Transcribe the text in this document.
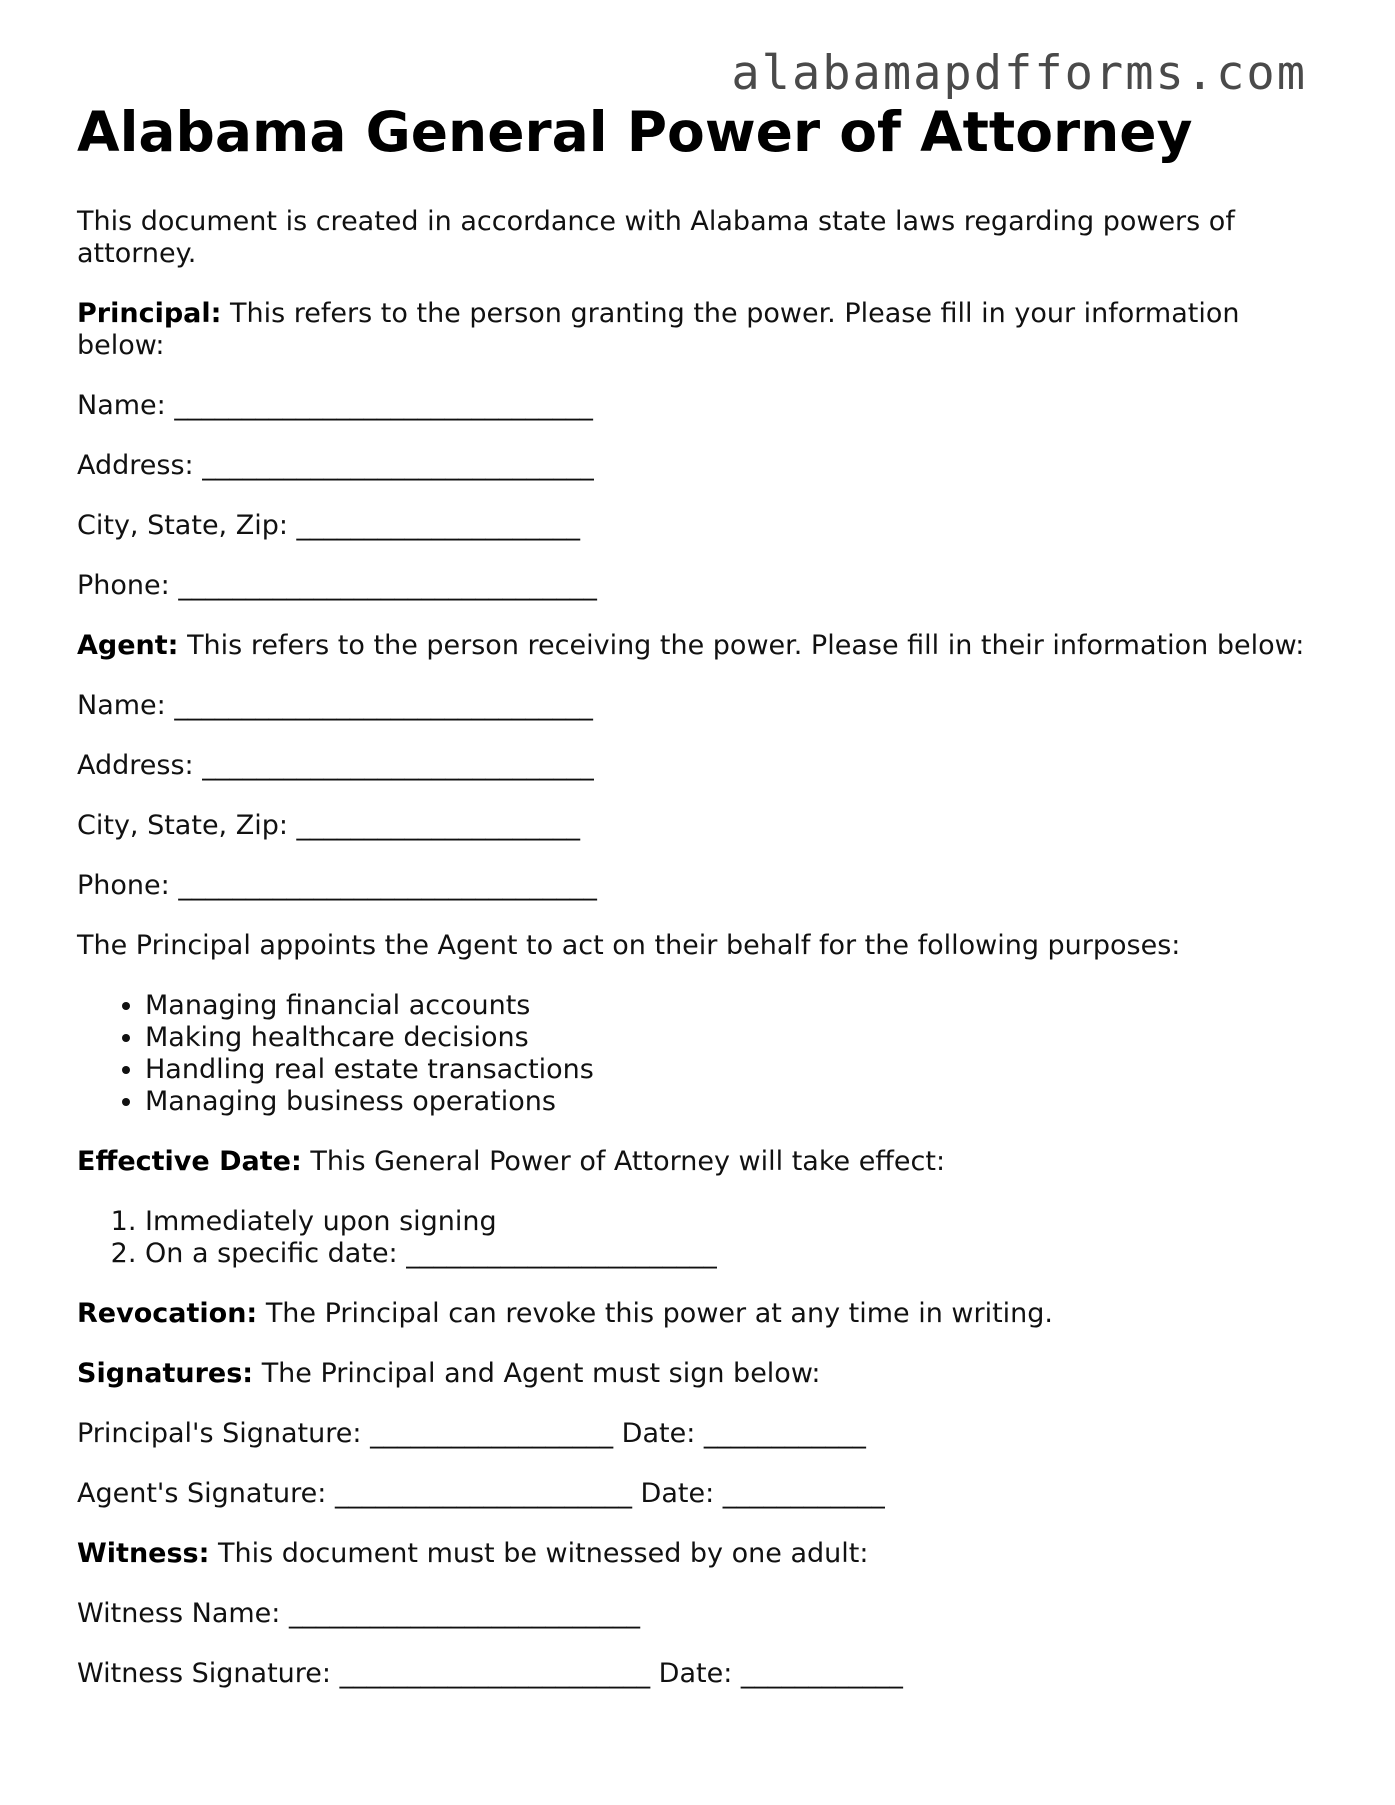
alabamapdfforms.com
Alabama General Power of Attorney

This document is created in accordance with Alabama state laws regarding powers of attorney.

Principal: This refers to the person granting the power. Please fill in your information below:

Name: _______________________________

Address: _____________________________

City, State, Zip: _____________________

Phone: _______________________________

Agent: This refers to the person receiving the power. Please fill in their information below:

Name: _______________________________

Address: _____________________________

City, State, Zip: _____________________

Phone: _______________________________

The Principal appoints the Agent to act on their behalf for the following purposes:

• Managing financial accounts
• Making healthcare decisions
• Handling real estate transactions
• Managing business operations

Effective Date: This General Power of Attorney will take effect:

1. Immediately upon signing
2. On a specific date: _______________________

Revocation: The Principal can revoke this power at any time in writing.

Signatures: The Principal and Agent must sign below:

Principal's Signature: __________________ Date: ____________

Agent's Signature: ______________________ Date: ____________

Witness: This document must be witnessed by one adult:

Witness Name: __________________________

Witness Signature: _______________________ Date: ____________
